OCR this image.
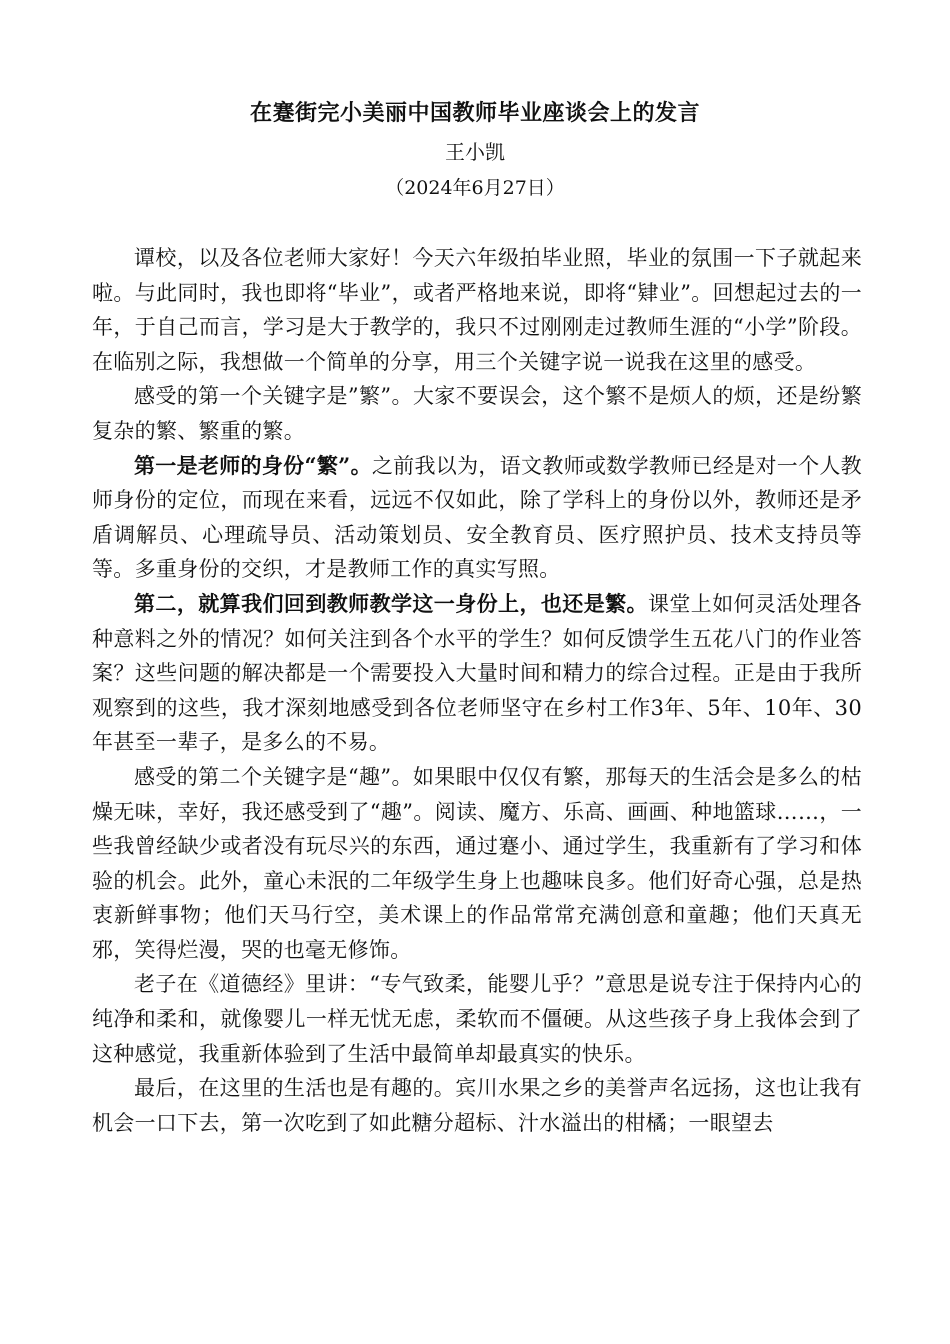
在蹇街完小美丽中国教师毕业座谈会上的发言
王小凯
（2024年6月27日）

谭校，以及各位老师大家好！今天六年级拍毕业照，毕业的氛围一下子就起来啦。与此同时，我也即将“毕业”，或者严格地来说，即将“肄业”。回想起过去的一年，于自己而言，学习是大于教学的，我只不过刚刚走过教师生涯的“小学”阶段。在临别之际，我想做一个简单的分享，用三个关键字说一说我在这里的感受。

感受的第一个关键字是”繁”。大家不要误会，这个繁不是烦人的烦，还是纷繁复杂的繁、繁重的繁。

第一是老师的身份“繁”。之前我以为，语文教师或数学教师已经是对一个人教师身份的定位，而现在来看，远远不仅如此，除了学科上的身份以外，教师还是矛盾调解员、心理疏导员、活动策划员、安全教育员、医疗照护员、技术支持员等等。多重身份的交织，才是教师工作的真实写照。

第二，就算我们回到教师教学这一身份上，也还是繁。课堂上如何灵活处理各种意料之外的情况？如何关注到各个水平的学生？如何反馈学生五花八门的作业答案？这些问题的解决都是一个需要投入大量时间和精力的综合过程。正是由于我所观察到的这些，我才深刻地感受到各位老师坚守在乡村工作3年、5年、10年、30年甚至一辈子，是多么的不易。

感受的第二个关键字是“趣”。如果眼中仅仅有繁，那每天的生活会是多么的枯燥无味，幸好，我还感受到了“趣”。阅读、魔方、乐高、画画、种地篮球……，一些我曾经缺少或者没有玩尽兴的东西，通过蹇小、通过学生，我重新有了学习和体验的机会。此外，童心未泯的二年级学生身上也趣味良多。他们好奇心强，总是热衷新鲜事物；他们天马行空，美术课上的作品常常充满创意和童趣；他们天真无邪，笑得烂漫，哭的也毫无修饰。

老子在《道德经》里讲：“专气致柔，能婴儿乎？”意思是说专注于保持内心的纯净和柔和，就像婴儿一样无忧无虑，柔软而不僵硬。从这些孩子身上我体会到了这种感觉，我重新体验到了生活中最简单却最真实的快乐。

最后，在这里的生活也是有趣的。宾川水果之乡的美誉声名远扬，这也让我有机会一口下去，第一次吃到了如此糖分超标、汁水溢出的柑橘；一眼望去
